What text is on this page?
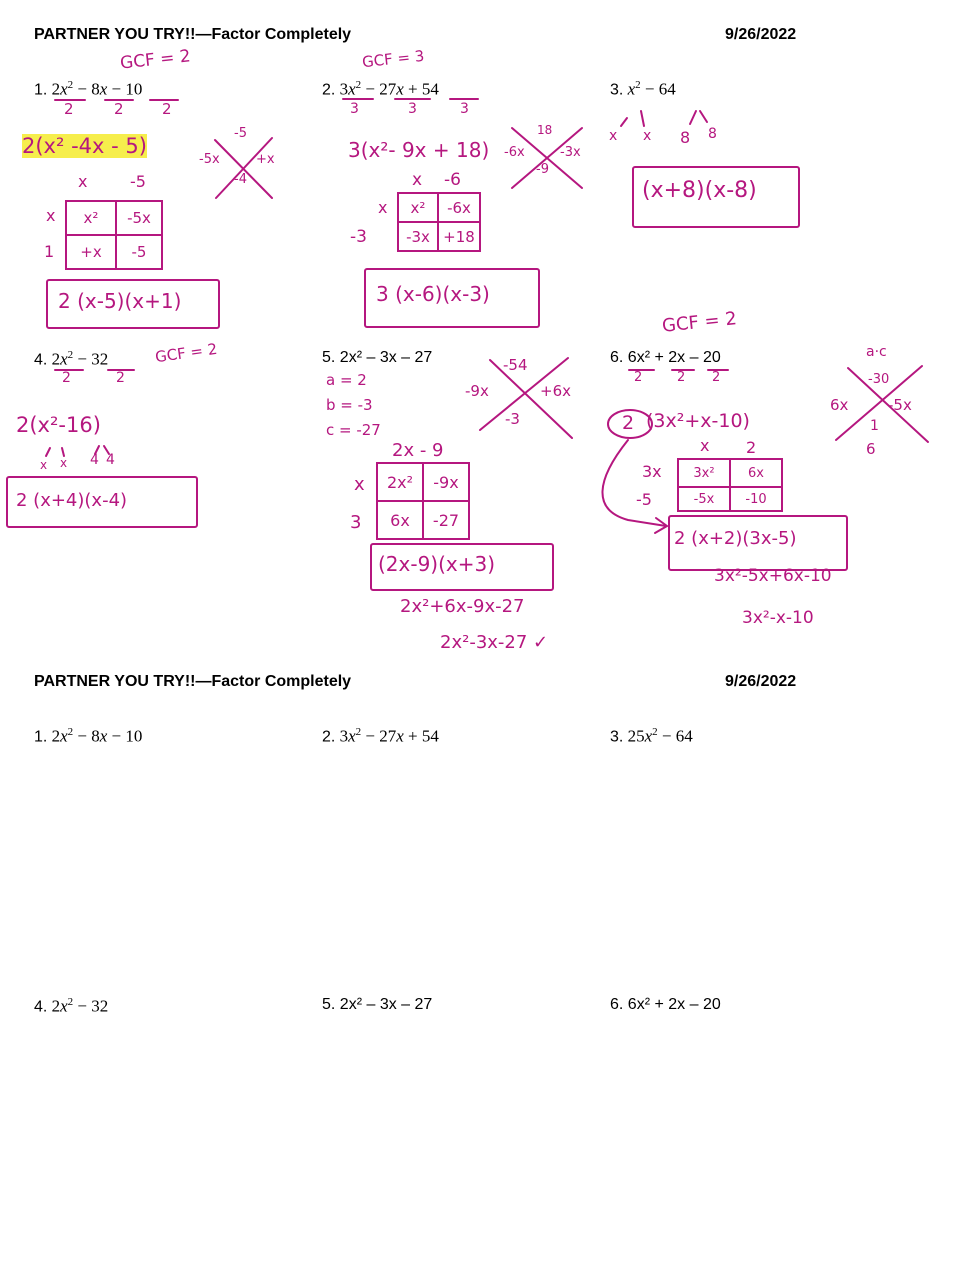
PARTNER YOU TRY!!—Factor Completely	9/26/2022
1. $2x^2 - 8x - 10$	2. $3x^2 - 27x + 54$	3. $x^2 - 64$
4. $2x^2 - 32$	5. 2x² – 3x – 27	6. 6x² + 2x – 20
GCF = 2
2	2	2
2(x² -4x - 5)
-5
-5x	+x
-4
x	-5
x
1
x²	-5x
+x	-5
2 (x-5)(x+1)
GCF = 3
3	3	3
3(x²- 9x + 18)
18
-6x	-3x
-9
x -6
x
-3
x²	-6x
-3x	+18
3 (x-6)(x-3)
x x 8 8
(x+8)(x-8)
GCF = 2
2	2
2(x²-16)
x x 4 4
2 (x+4)(x-4)
a = 2
b = -3
c = -27
-54
-9x	+6x
-3
2x - 9
x
3
2x²	-9x
6x	-27
(2x-9)(x+3)
2x²+6x-9x-27
2x²-3x-27 ✓
GCF = 2
2	2 2
2 (3x²+x-10)
a·c
-30
6x	-5x
1
6
x 2
3x
-5
3x²	6x
-5x	-10
2 (x+2)(3x-5)
3x²-5x+6x-10
3x²-x-10
PARTNER YOU TRY!!—Factor Completely	9/26/2022
1. $2x^2 - 8x - 10$	2. $3x^2 - 27x + 54$	3. $25x^2 - 64$
4. $2x^2 - 32$	5. 2x² – 3x – 27	6. 6x² + 2x – 20
